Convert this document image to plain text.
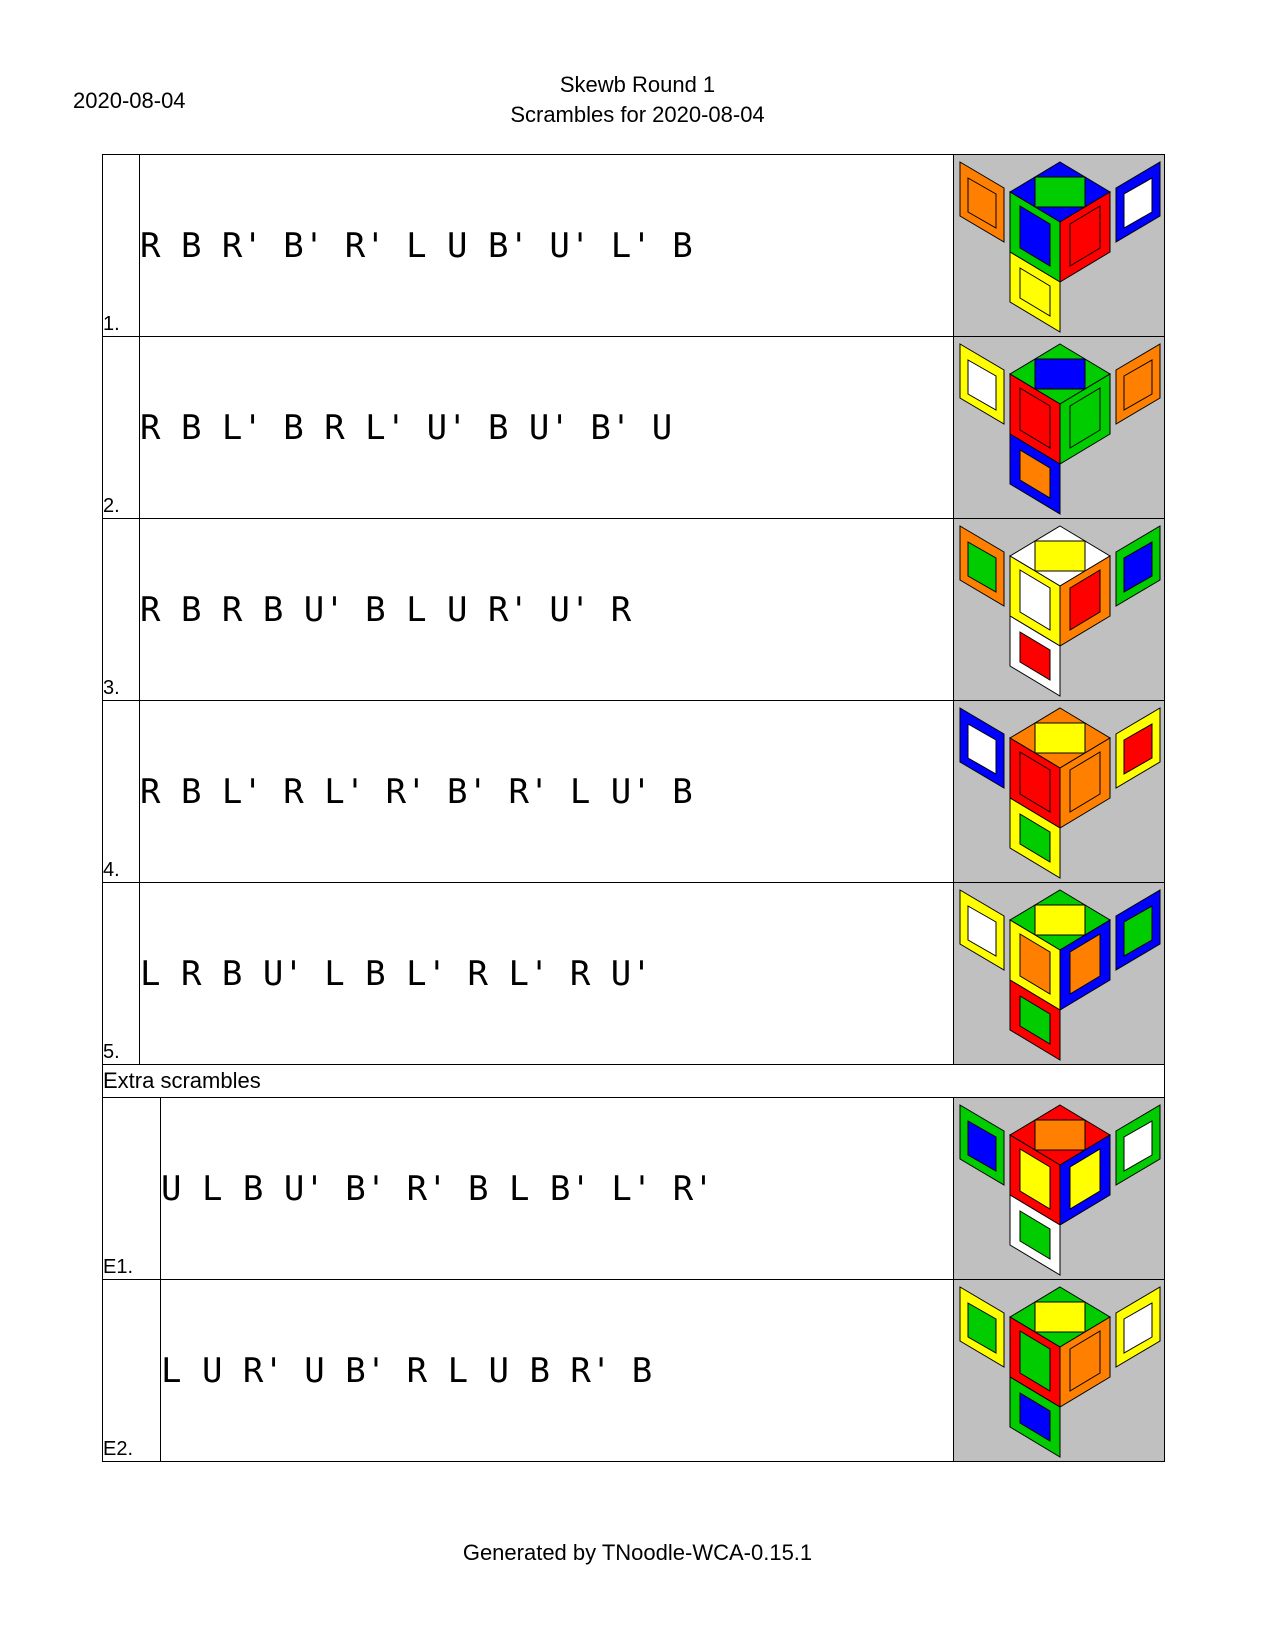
2020-08-04
Skewb Round 1
Scrambles for 2020-08-04
1.	R B R' B' R' L U B' U' L' B	

2.	R B L' B R L' U' B U' B' U	

3.	R B R B U' B L U R' U' R	

4.	R B L' R L' R' B' R' L U' B	

5.	L R B U' L B L' R L' R U'	

Extra scrambles			
E1.		U L B U' B' R' B L B' L' R'	

E2.		L U R' U B' R L U B R' B	
Generated by TNoodle-WCA-0.15.1
